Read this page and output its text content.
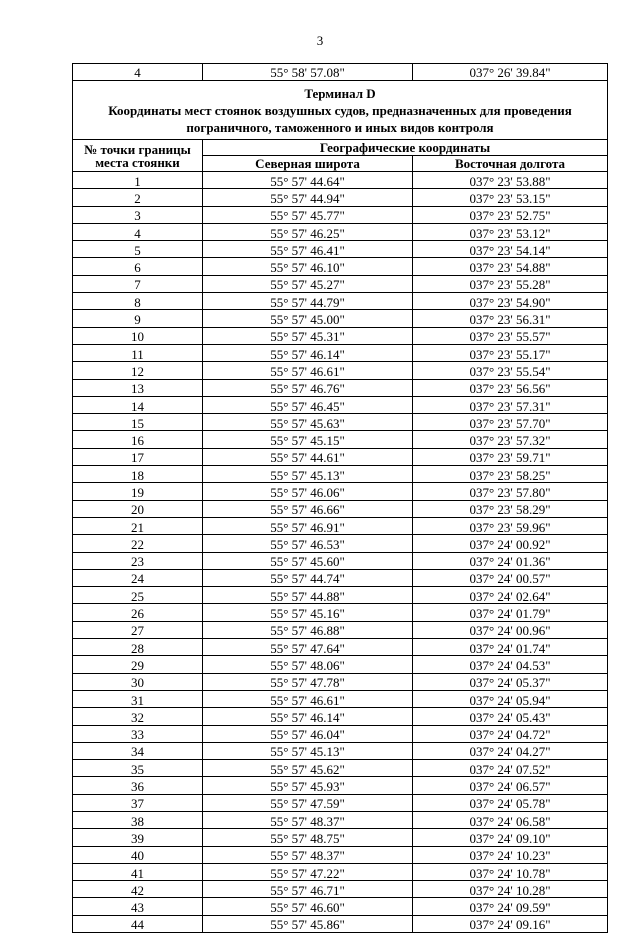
3
4	55° 58' 57.08"	037° 26' 39.84"

Терминал D
Координаты мест стоянок воздушных судов, предназначенных для проведения
пограничного, таможенного и иных видов контроля		

№ точки границы
места стоянки	Географические координаты	
	Северная широта	Восточная долгота
1	55° 57' 44.64"	037° 23' 53.88"
2	55° 57' 44.94"	037° 23' 53.15"
3	55° 57' 45.77"	037° 23' 52.75"
4	55° 57' 46.25"	037° 23' 53.12"
5	55° 57' 46.41"	037° 23' 54.14"
6	55° 57' 46.10"	037° 23' 54.88"
7	55° 57' 45.27"	037° 23' 55.28"
8	55° 57' 44.79"	037° 23' 54.90"
9	55° 57' 45.00"	037° 23' 56.31"
10	55° 57' 45.31"	037° 23' 55.57"
11	55° 57' 46.14"	037° 23' 55.17"
12	55° 57' 46.61"	037° 23' 55.54"
13	55° 57' 46.76"	037° 23' 56.56"
14	55° 57' 46.45"	037° 23' 57.31"
15	55° 57' 45.63"	037° 23' 57.70"
16	55° 57' 45.15"	037° 23' 57.32"
17	55° 57' 44.61"	037° 23' 59.71"
18	55° 57' 45.13"	037° 23' 58.25"
19	55° 57' 46.06"	037° 23' 57.80"
20	55° 57' 46.66"	037° 23' 58.29"
21	55° 57' 46.91"	037° 23' 59.96"
22	55° 57' 46.53"	037° 24' 00.92"
23	55° 57' 45.60"	037° 24' 01.36"
24	55° 57' 44.74"	037° 24' 00.57"
25	55° 57' 44.88"	037° 24' 02.64"
26	55° 57' 45.16"	037° 24' 01.79"
27	55° 57' 46.88"	037° 24' 00.96"
28	55° 57' 47.64"	037° 24' 01.74"
29	55° 57' 48.06"	037° 24' 04.53"
30	55° 57' 47.78"	037° 24' 05.37"
31	55° 57' 46.61"	037° 24' 05.94"
32	55° 57' 46.14"	037° 24' 05.43"
33	55° 57' 46.04"	037° 24' 04.72"
34	55° 57' 45.13"	037° 24' 04.27"
35	55° 57' 45.62"	037° 24' 07.52"
36	55° 57' 45.93"	037° 24' 06.57"
37	55° 57' 47.59"	037° 24' 05.78"
38	55° 57' 48.37"	037° 24' 06.58"
39	55° 57' 48.75"	037° 24' 09.10"
40	55° 57' 48.37"	037° 24' 10.23"
41	55° 57' 47.22"	037° 24' 10.78"
42	55° 57' 46.71"	037° 24' 10.28"
43	55° 57' 46.60"	037° 24' 09.59"
44	55° 57' 45.86"	037° 24' 09.16"
